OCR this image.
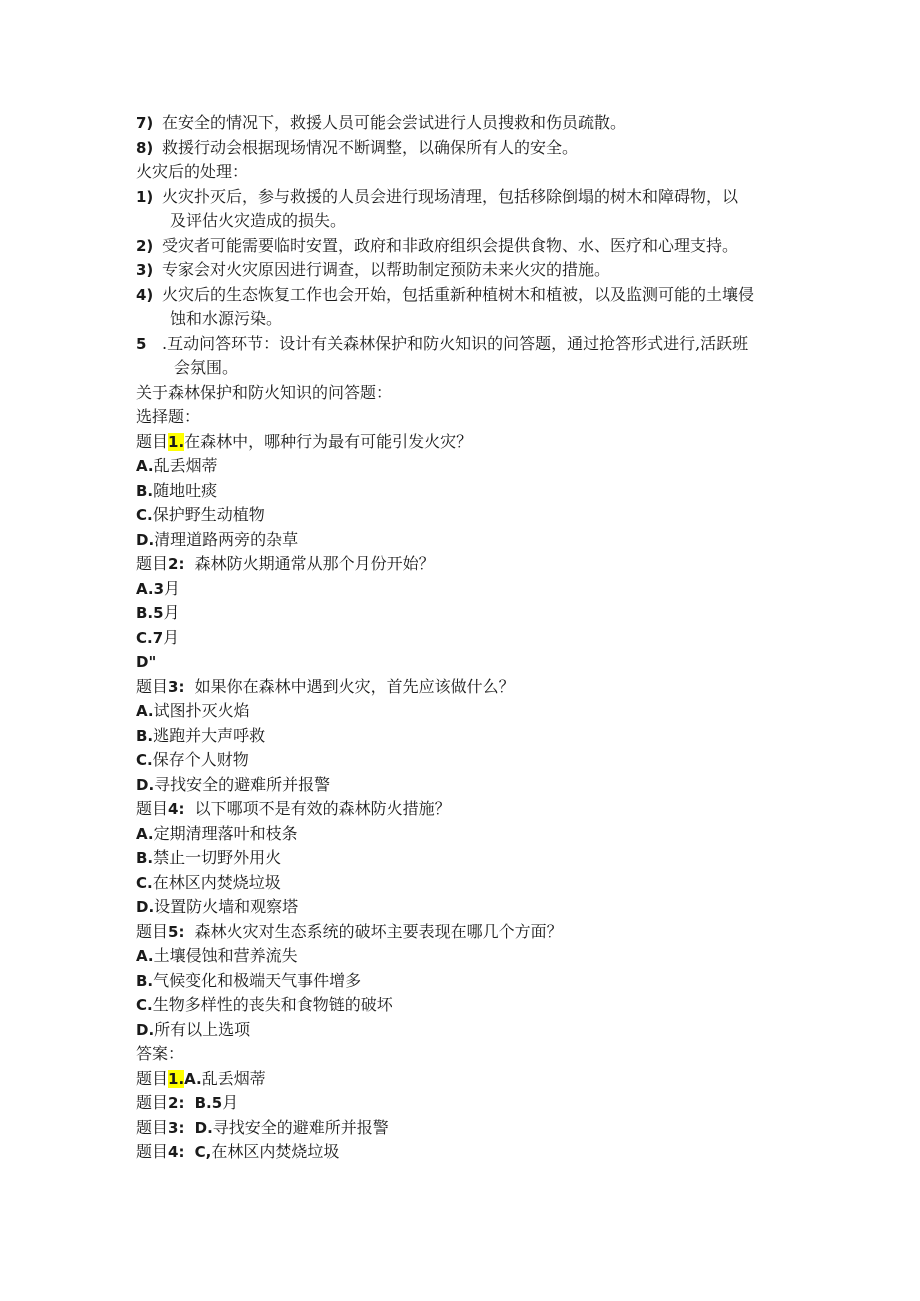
7) 在安全的情况下，救援人员可能会尝试进行人员搜救和伤员疏散。
8) 救援行动会根据现场情况不断调整，以确保所有人的安全。
火灾后的处理：
1) 火灾扑灭后，参与救援的人员会进行现场清理，包括移除倒塌的树木和障碍物，以
及评估火灾造成的损失。
2) 受灾者可能需要临时安置，政府和非政府组织会提供食物、水、医疗和心理支持。
3) 专家会对火灾原因进行调查，以帮助制定预防未来火灾的措施。
4) 火灾后的生态恢复工作也会开始，包括重新种植树木和植被，以及监测可能的土壤侵
蚀和水源污染。
5 .互动问答环节：设计有关森林保护和防火知识的问答题，通过抢答形式进行,活跃班
会氛围。
关于森林保护和防火知识的问答题：
选择题：
题目1.在森林中，哪种行为最有可能引发火灾？
A.乱丢烟蒂
B.随地吐痰
C.保护野生动植物
D.清理道路两旁的杂草
题目2: 森林防火期通常从那个月份开始？
A.3月
B.5月
C.7月
D"
题目3: 如果你在森林中遇到火灾，首先应该做什么？
A.试图扑灭火焰
B.逃跑并大声呼救
C.保存个人财物
D.寻找安全的避难所并报警
题目4: 以下哪项不是有效的森林防火措施？
A.定期清理落叶和枝条
B.禁止一切野外用火
C.在林区内焚烧垃圾
D.设置防火墙和观察塔
题目5: 森林火灾对生态系统的破坏主要表现在哪几个方面？
A.土壤侵蚀和营养流失
B.气候变化和极端天气事件增多
C.生物多样性的丧失和食物链的破坏
D.所有以上选项
答案：
题目1.A.乱丢烟蒂
题目2: B.5月
题目3: D.寻找安全的避难所并报警
题目4: C,在林区内焚烧垃圾
